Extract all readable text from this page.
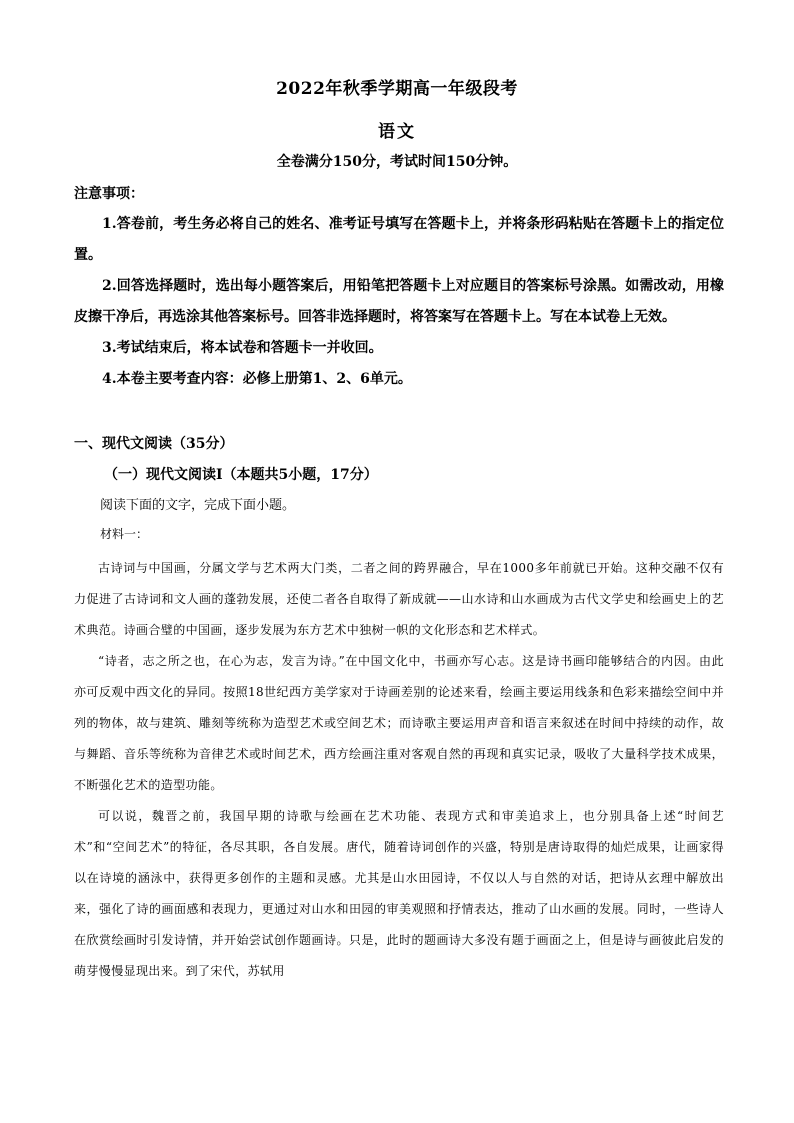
2022年秋季学期高一年级段考
语文
全卷满分150分，考试时间150分钟。
注意事项：

1.答卷前，考生务必将自己的姓名、准考证号填写在答题卡上，并将条形码粘贴在答题卡上的指定位置。

2.回答选择题时，选出每小题答案后，用铅笔把答题卡上对应题目的答案标号涂黑。如需改动，用橡皮擦干净后，再选涂其他答案标号。回答非选择题时，将答案写在答题卡上。写在本试卷上无效。

3.考试结束后，将本试卷和答题卡一并收回。

4.本卷主要考查内容：必修上册第1、2、6单元。

一、现代文阅读（35分）
（一）现代文阅读Ⅰ（本题共5小题，17分）
阅读下面的文字，完成下面小题。
材料一：

古诗词与中国画，分属文学与艺术两大门类，二者之间的跨界融合，早在1000多年前就已开始。这种交融不仅有力促进了古诗词和文人画的蓬勃发展，还使二者各自取得了新成就——山水诗和山水画成为古代文学史和绘画史上的艺术典范。诗画合璧的中国画，逐步发展为东方艺术中独树一帜的文化形态和艺术样式。

“诗者，志之所之也，在心为志，发言为诗。”在中国文化中，书画亦写心志。这是诗书画印能够结合的内因。由此亦可反观中西文化的异同。按照18世纪西方美学家对于诗画差别的论述来看，绘画主要运用线条和色彩来描绘空间中并列的物体，故与建筑、雕刻等统称为造型艺术或空间艺术；而诗歌主要运用声音和语言来叙述在时间中持续的动作，故与舞蹈、音乐等统称为音律艺术或时间艺术，西方绘画注重对客观自然的再现和真实记录，吸收了大量科学技术成果，不断强化艺术的造型功能。

可以说，魏晋之前，我国早期的诗歌与绘画在艺术功能、表现方式和审美追求上，也分别具备上述“时间艺术”和“空间艺术”的特征，各尽其职，各自发展。唐代，随着诗词创作的兴盛，特别是唐诗取得的灿烂成果，让画家得以在诗境的涵泳中，获得更多创作的主题和灵感。尤其是山水田园诗，不仅以人与自然的对话，把诗从玄理中解放出来，强化了诗的画面感和表现力，更通过对山水和田园的审美观照和抒情表达，推动了山水画的发展。同时，一些诗人在欣赏绘画时引发诗情，并开始尝试创作题画诗。只是，此时的题画诗大多没有题于画面之上，但是诗与画彼此启发的萌芽慢慢显现出来。到了宋代，苏轼用
